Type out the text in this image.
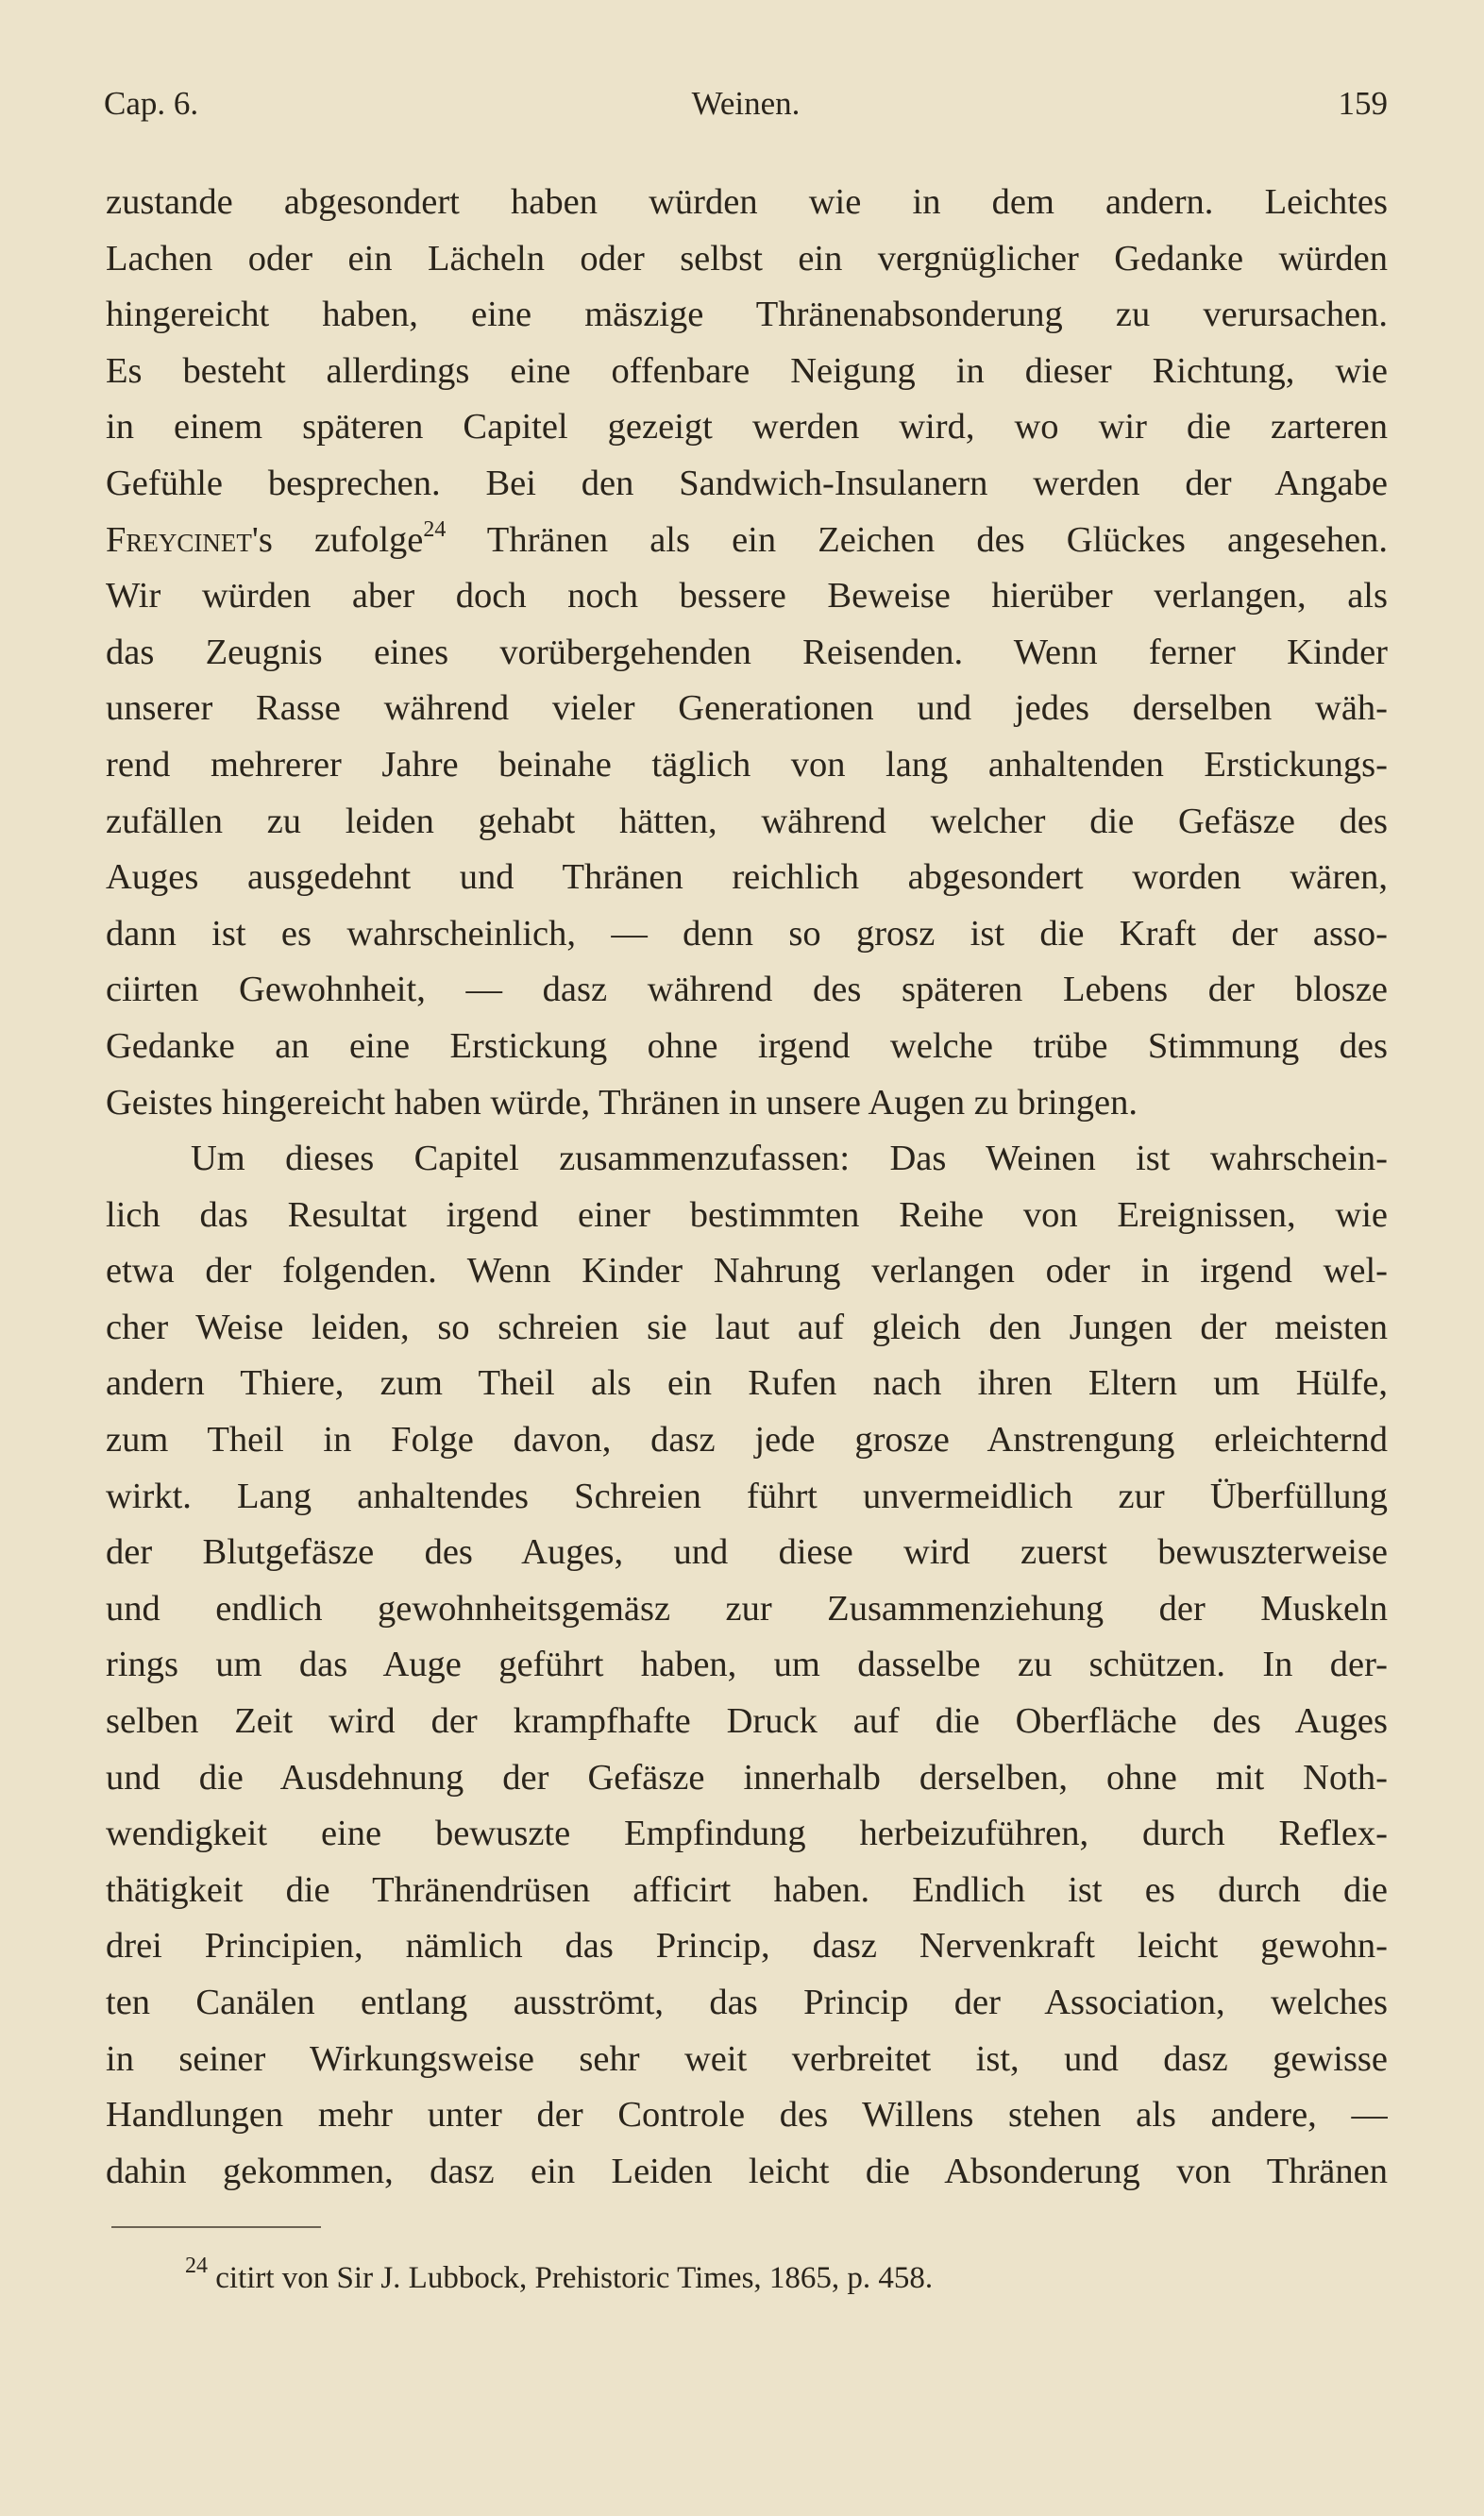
Cap. 6.	Weinen.	159
zustande abgesondert haben würden wie in dem andern. Leichtes
Lachen oder ein Lächeln oder selbst ein vergnüglicher Gedanke würden
hingereicht haben, eine mäszige Thränenabsonderung zu verursachen.
Es besteht allerdings eine offenbare Neigung in dieser Richtung, wie
in einem späteren Capitel gezeigt werden wird, wo wir die zarteren
Gefühle besprechen. Bei den Sandwich-Insulanern werden der Angabe
Freycinet's zufolge$^{24}$ Thränen als ein Zeichen des Glückes angesehen.
Wir würden aber doch noch bessere Beweise hierüber verlangen, als
das Zeugnis eines vorübergehenden Reisenden. Wenn ferner Kinder
unserer Rasse während vieler Generationen und jedes derselben wäh-
rend mehrerer Jahre beinahe täglich von lang anhaltenden Erstickungs-
zufällen zu leiden gehabt hätten, während welcher die Gefäsze des
Auges ausgedehnt und Thränen reichlich abgesondert worden wären,
dann ist es wahrscheinlich, — denn so grosz ist die Kraft der asso-
ciirten Gewohnheit, — dasz während des späteren Lebens der blosze
Gedanke an eine Erstickung ohne irgend welche trübe Stimmung des
Geistes hingereicht haben würde, Thränen in unsere Augen zu bringen.
Um dieses Capitel zusammenzufassen: Das Weinen ist wahrschein-
lich das Resultat irgend einer bestimmten Reihe von Ereignissen, wie
etwa der folgenden. Wenn Kinder Nahrung verlangen oder in irgend wel-
cher Weise leiden, so schreien sie laut auf gleich den Jungen der meisten
andern Thiere, zum Theil als ein Rufen nach ihren Eltern um Hülfe,
zum Theil in Folge davon, dasz jede grosze Anstrengung erleichternd
wirkt. Lang anhaltendes Schreien führt unvermeidlich zur Überfüllung
der Blutgefäsze des Auges, und diese wird zuerst bewuszterweise
und endlich gewohnheitsgemäsz zur Zusammenziehung der Muskeln
rings um das Auge geführt haben, um dasselbe zu schützen. In der-
selben Zeit wird der krampfhafte Druck auf die Oberfläche des Auges
und die Ausdehnung der Gefäsze innerhalb derselben, ohne mit Noth-
wendigkeit eine bewuszte Empfindung herbeizuführen, durch Reflex-
thätigkeit die Thränendrüsen afficirt haben. Endlich ist es durch die
drei Principien, nämlich das Princip, dasz Nervenkraft leicht gewohn-
ten Canälen entlang ausströmt, das Princip der Association, welches
in seiner Wirkungsweise sehr weit verbreitet ist, und dasz gewisse
Handlungen mehr unter der Controle des Willens stehen als andere, —
dahin gekommen, dasz ein Leiden leicht die Absonderung von Thränen
$^{24}$ citirt von Sir J. Lubbock, Prehistoric Times, 1865, p. 458.
